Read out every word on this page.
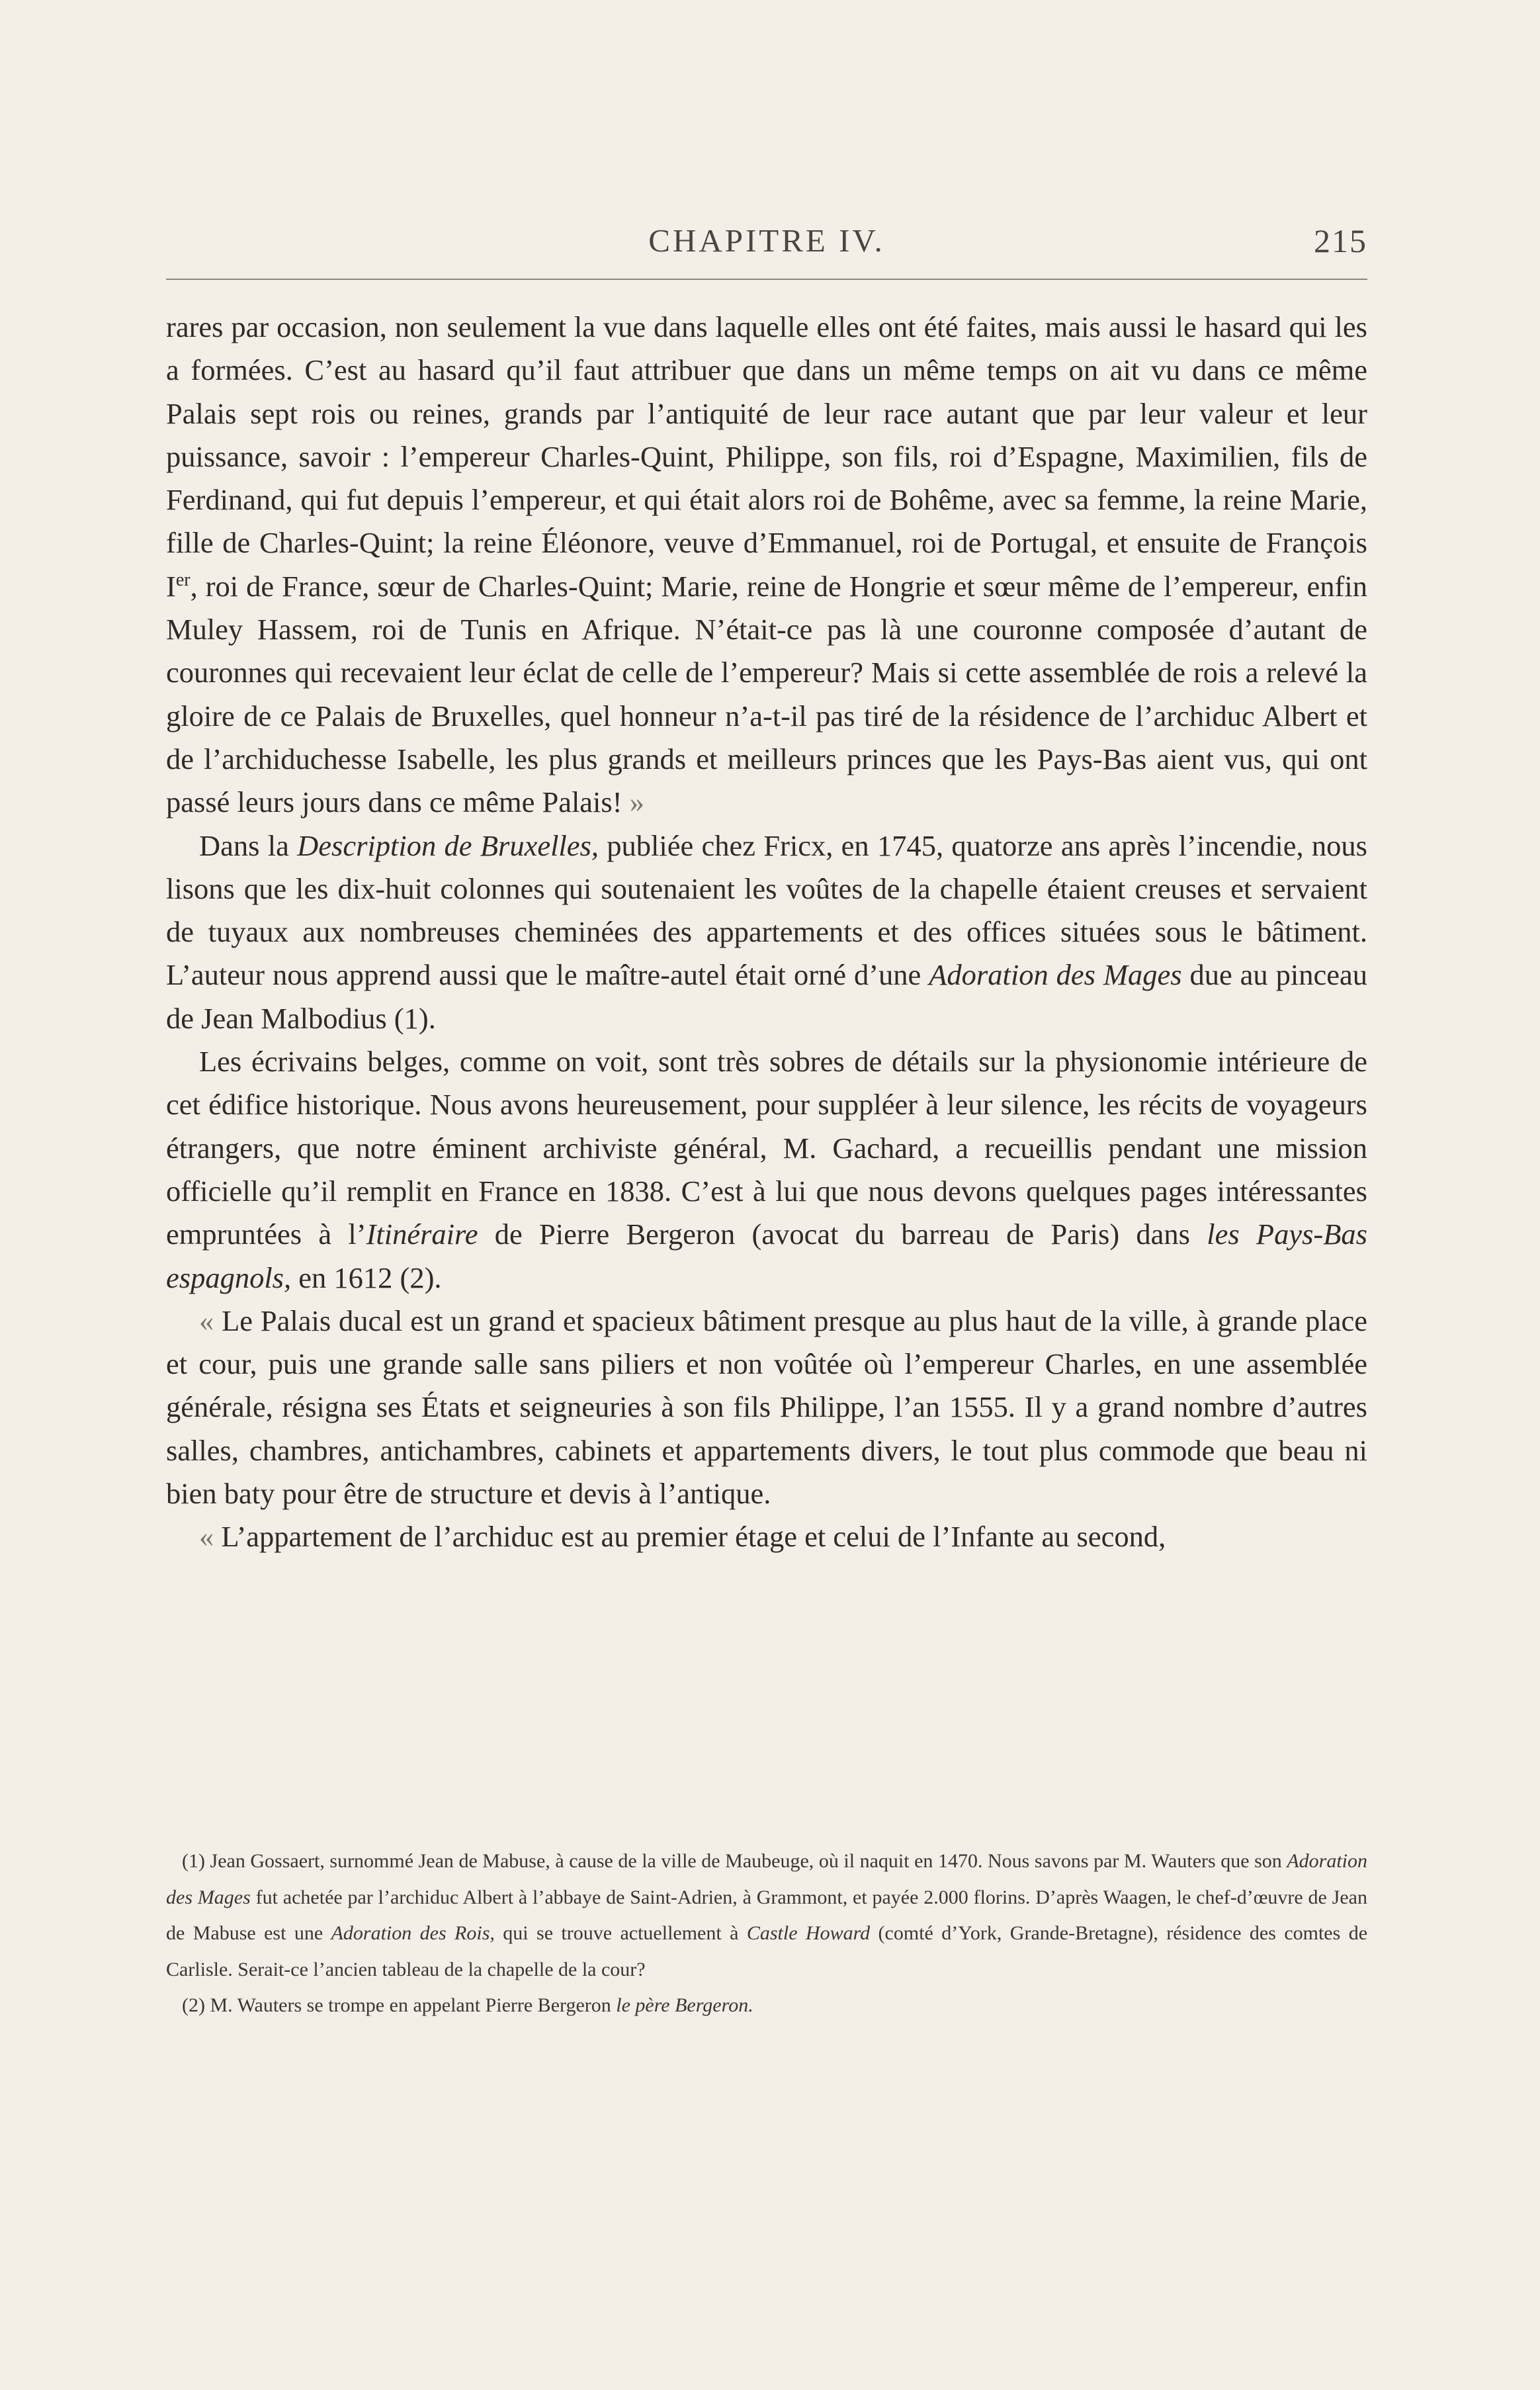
CHAPITRE IV.	215

rares par occasion, non seulement la vue dans laquelle elles ont été faites, mais aussi le hasard qui les a formées. C’est au hasard qu’il faut attribuer que dans un même temps on ait vu dans ce même Palais sept rois ou reines, grands par l’antiquité de leur race autant que par leur valeur et leur puissance, savoir : l’empereur Charles-Quint, Philippe, son fils, roi d’Espagne, Maximilien, fils de Ferdinand, qui fut depuis l’empereur, et qui était alors roi de Bohême, avec sa femme, la reine Marie, fille de Charles-Quint; la reine Éléonore, veuve d’Emmanuel, roi de Portugal, et ensuite de François Ier, roi de France, sœur de Charles-Quint; Marie, reine de Hongrie et sœur même de l’empereur, enfin Muley Hassem, roi de Tunis en Afrique. N’était-ce pas là une couronne composée d’autant de couronnes qui recevaient leur éclat de celle de l’empereur? Mais si cette assemblée de rois a relevé la gloire de ce Palais de Bruxelles, quel honneur n’a-t-il pas tiré de la résidence de l’archiduc Albert et de l’archiduchesse Isabelle, les plus grands et meilleurs princes que les Pays-Bas aient vus, qui ont passé leurs jours dans ce même Palais! »

Dans la Description de Bruxelles, publiée chez Fricx, en 1745, quatorze ans après l’incendie, nous lisons que les dix-huit colonnes qui soutenaient les voûtes de la chapelle étaient creuses et servaient de tuyaux aux nombreuses cheminées des appartements et des offices situées sous le bâtiment. L’auteur nous apprend aussi que le maître-autel était orné d’une Adoration des Mages due au pinceau de Jean Malbodius (1).

Les écrivains belges, comme on voit, sont très sobres de détails sur la physionomie intérieure de cet édifice historique. Nous avons heureusement, pour suppléer à leur silence, les récits de voyageurs étrangers, que notre éminent archiviste général, M. Gachard, a recueillis pendant une mission officielle qu’il remplit en France en 1838. C’est à lui que nous devons quelques pages intéressantes empruntées à l’Itinéraire de Pierre Bergeron (avocat du barreau de Paris) dans les Pays-Bas espagnols, en 1612 (2).

« Le Palais ducal est un grand et spacieux bâtiment presque au plus haut de la ville, à grande place et cour, puis une grande salle sans piliers et non voûtée où l’empereur Charles, en une assemblée générale, résigna ses États et seigneuries à son fils Philippe, l’an 1555. Il y a grand nombre d’autres salles, chambres, antichambres, cabinets et appartements divers, le tout plus commode que beau ni bien baty pour être de structure et devis à l’antique.

« L’appartement de l’archiduc est au premier étage et celui de l’Infante au second,

(1) Jean Gossaert, surnommé Jean de Mabuse, à cause de la ville de Maubeuge, où il naquit en 1470. Nous savons par M. Wauters que son Adoration des Mages fut achetée par l’archiduc Albert à l’abbaye de Saint-Adrien, à Grammont, et payée 2.000 florins. D’après Waagen, le chef-d’œuvre de Jean de Mabuse est une Adoration des Rois, qui se trouve actuellement à Castle Howard (comté d’York, Grande-Bretagne), résidence des comtes de Carlisle. Serait-ce l’ancien tableau de la chapelle de la cour?

(2) M. Wauters se trompe en appelant Pierre Bergeron le père Bergeron.
